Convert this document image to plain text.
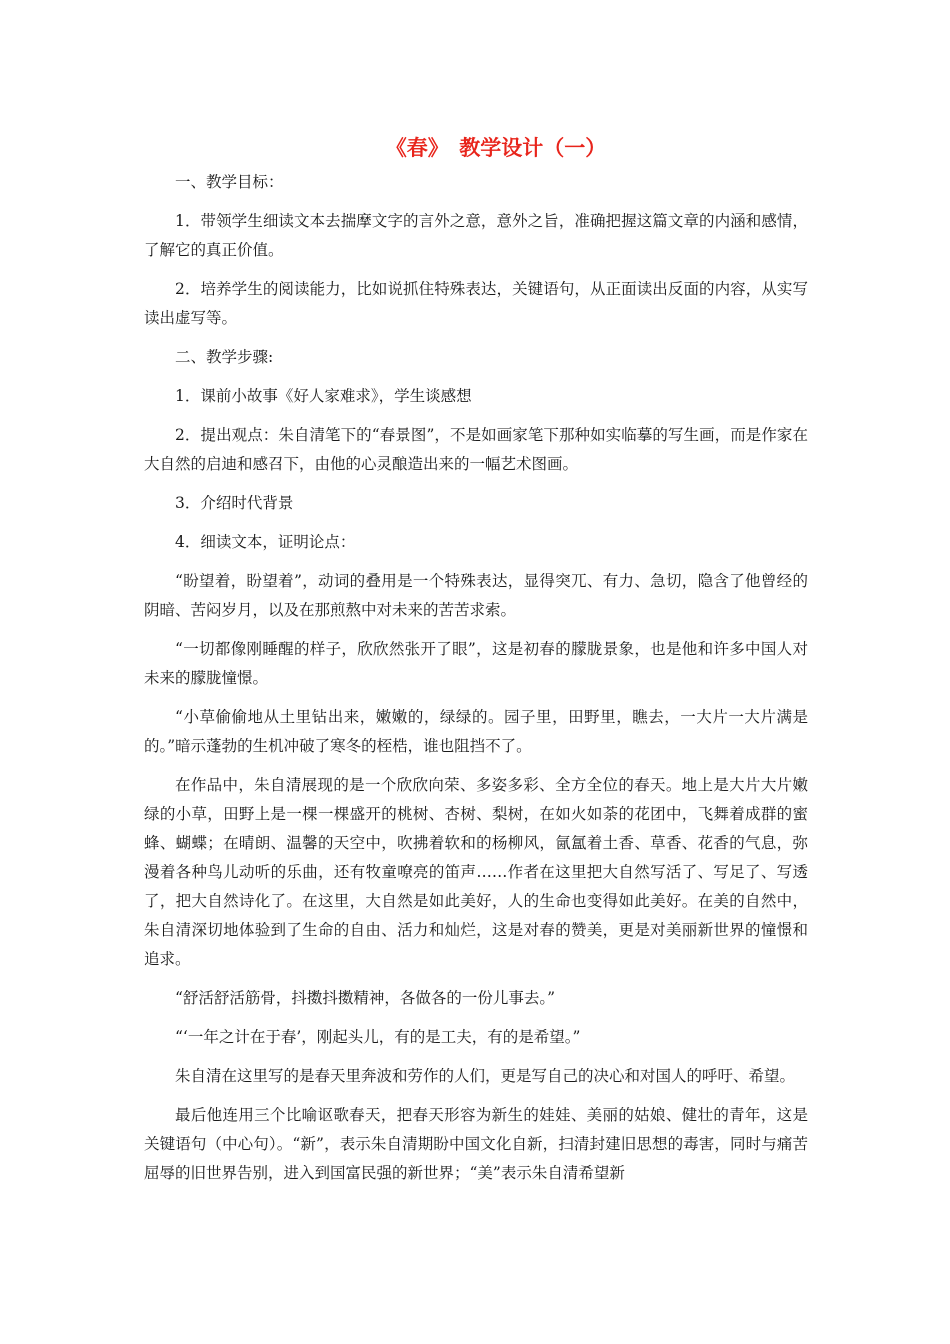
《春》　教学设计（一）

一、教学目标：

1．带领学生细读文本去揣摩文字的言外之意，意外之旨，准确把握这篇文章的内涵和感情，了解它的真正价值。

2．培养学生的阅读能力，比如说抓住特殊表达，关键语句，从正面读出反面的内容，从实写读出虚写等。

二、教学步骤:

1．课前小故事《好人家难求》，学生谈感想

2．提出观点：朱自清笔下的“春景图”，不是如画家笔下那种如实临摹的写生画，而是作家在大自然的启迪和感召下，由他的心灵酿造出来的一幅艺术图画。

3．介绍时代背景

4．细读文本，证明论点：

“盼望着，盼望着”，动词的叠用是一个特殊表达，显得突兀、有力、急切，隐含了他曾经的阴暗、苦闷岁月，以及在那煎熬中对未来的苦苦求索。

“一切都像刚睡醒的样子，欣欣然张开了眼”，这是初春的朦胧景象，也是他和许多中国人对未来的朦胧憧憬。

“小草偷偷地从土里钻出来，嫩嫩的，绿绿的。园子里，田野里，瞧去，一大片一大片满是的。”暗示蓬勃的生机冲破了寒冬的桎梏，谁也阻挡不了。

在作品中，朱自清展现的是一个欣欣向荣、多姿多彩、全方全位的春天。地上是大片大片嫩绿的小草，田野上是一棵一棵盛开的桃树、杏树、梨树，在如火如荼的花团中，飞舞着成群的蜜蜂、蝴蝶；在晴朗、温馨的天空中，吹拂着软和的杨柳风，氤氲着土香、草香、花香的气息，弥漫着各种鸟儿动听的乐曲，还有牧童嘹亮的笛声……作者在这里把大自然写活了、写足了、写透了，把大自然诗化了。在这里，大自然是如此美好，人的生命也变得如此美好。在美的自然中，朱自清深切地体验到了生命的自由、活力和灿烂，这是对春的赞美，更是对美丽新世界的憧憬和追求。

“舒活舒活筋骨，抖擞抖擞精神，各做各的一份儿事去。”

“‘一年之计在于春’，刚起头儿，有的是工夫，有的是希望。”

朱自清在这里写的是春天里奔波和劳作的人们，更是写自己的决心和对国人的呼吁、希望。

最后他连用三个比喻讴歌春天，把春天形容为新生的娃娃、美丽的姑娘、健壮的青年，这是关键语句（中心句）。“新”，表示朱自清期盼中国文化自新，扫清封建旧思想的毒害，同时与痛苦屈辱的旧世界告别，进入到国富民强的新世界；“美”表示朱自清希望新
